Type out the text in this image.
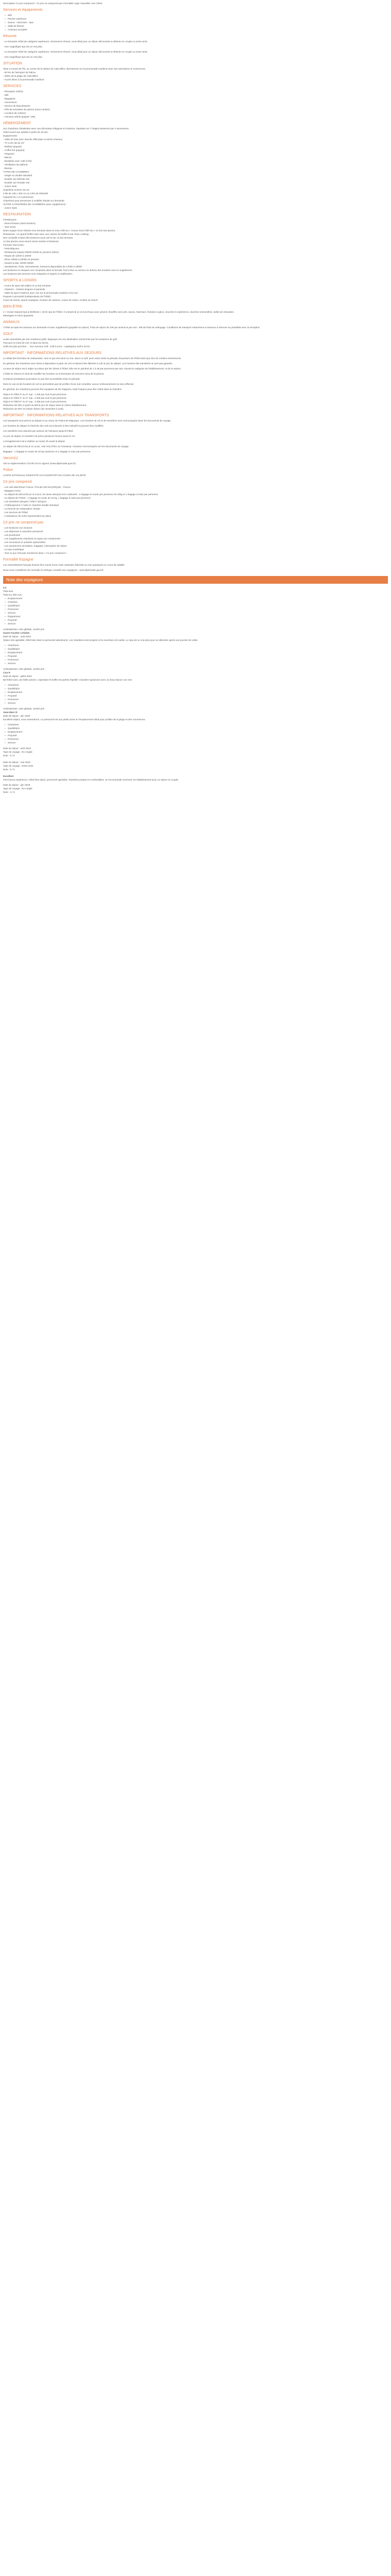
Description Ce prix comprend : Ce prix ne comprend pas Formalité Logis Vaucelles Avis Client

Services et équipements
▪ Wifi
▪ Piscine extérieure
▪ Sauna - Hammam - Spa
▪ Salle de fitness
▪ Animaux acceptés
Résumé

- Le Domaine Hôtel de catégorie supérieure, récemment rénové, vous idéal pour un séjour découverte & détente en couple ou entre amis.

- Son magnifique spa est un vrai plus.

- Le Domaine Hôtel de catégorie supérieure, récemment rénové, vous idéal pour un séjour découverte & détente en couple ou entre amis.

- Son magnifique spa est un vrai plus.

SITUATION
Situé à l'ouest de l'île, au centre de la station de Cala Millor, directement sur la promenade maritime avec ses animations et commerces.
- 60 km de l'aéroport de Palma
- 250m de la plage de Cala Millor
- Accès direct à la promenade maritime
SERVICES
- Réception 24h/24
- Wifi
- Bagagerie
- Ascenseurs
- Service de blanchisserie
- Prêt de serviettes de piscine (sous caution)
- Location de voitures
- Animaux admis (payant: 10€)
HÉBERGEMENT
214 chambres climatisées avec une décoration élégante et moderne, réparties sur 7 étages desservis par 2 ascenseurs.
Hôtel ouvert aux adultes à partir de 18 ans.
Equipements :
- Salle de bain avec douche effet pluie et sèche-cheveux
- TV LCD HD de 43"
- Minibar (payant)
- Coffre-fort (payant)
- Peignoirs
- Balcon
- Bouilloire avec café et thé
- Ventilateur de plafond
- Bureau
TYPES DE CHAMBRES :
- Single ou double standard
- Double vue latérale mer
- Double vue frontale mer
- Junior suite
Superficie environ 25 m2
2 lits de 135 x 200 cm ou 2 lits de 200x200
Capacité de 1 à 2 personnes
Chambres pour personnes à mobilité réduite sur demande
AUTRE CATEGORIES DE CHAMBRES (avec supplément) :
- Junior Suite
RESTAURATION
FORMULES :
- Demi-Pension (sans boisson)
- Tout inclus
Notre équipe d'une histoire d'un terrasse dans la zone chill-out « Ocean Soul Chill Out » et d'un bar piscine.
Restaurant : Un grand buffet varié avec une cuisine de buffet à tout choix cooking.
Des cocktails et Bars dès boissons sous ciel et sur un bar terrasse.
Au bar piscine vous seront servis snacks et boissons.
Formule Tout inclus :
- Petit-déjeuner
- Restaurant (repas) 09h00-22h00 en pension (dîner)
- Repas de 12h00 à 15h00
- Dîner 19h00 à 22h00 en pension
- Snacks & Bar 12h00-23h00
- Sandwiches, fruits, viennoiseries, boissons disponibles de 17h00 à 19h00
Les boissons et marques non comprises dans la formule Tout inclus ou service en dehors des horaires sont en supplément.
Les boissons des services sont indiquées et signés à modification.
SPORTS & LOISIRS
- Cours de sport des tables et un bar terrasse
- Solarium : chaises longues et parasols
- Salle de sport moderne avec vue sur la promenade maritime et la mer.
Payants à proximité (indépendants de l'hôtel) :
Cours de tennis, sports nautiques, location de voitures, Caves de Hams, Grottes du Drach.
BIEN-ÊTRE
L'« Ocean Natural Spa & Wellness » est le spa de l'hôtel. Il comprend un circuit d'eaux avec piscine chauffée avec jets, sauna, hammam, fontaine à glace, douches à expérience, douches sensorielles, salles de relaxation.
Massages et soins (payants)
ANIMAUX
L'hôtel accepte les animaux sur demande et avec supplément (payable sur place). Frais de séjour de 10€ par animal et par nuit - 20€ de frais de nettoyage. Conditions de transport notamment et animaux à réserver au préalable avec la réception.
GOLF
Aussi caractérisé par ses nombreux golfs, Majorque est une destination recherchée par les amateurs de golf.
Parcours en bord de mer et dans les terres.
Golfs les plus proches : - Son Servera Golf : Golf à 5 km - Capdepera Golf à 10 km
IMPORTANT - INFORMATIONS RELATIVES AUX SEJOURS

Le détail des formules de restauration, tout ce qui est inclus ou non, dans un tarif, peut varier selon la période d'ouverture de l'hôtel ainsi que lors de certains événements.

En général, les chambres sont mises à disposition à partir de 14h et doivent être libérées à 12h le jour du départ. Les horaires des transferts ne sont pas garantis.

La taxe de séjour est à régler sur place par les clients à l'hôtel. Elle est en général de 1 à 4€ par personne par nuit, suivant la catégorie de l'établissement, et de la saison.

L'hôtel se réserve le droit de modifier les horaires ou la fermeture de services et/ou de la piscine.

Certaines prestations pourraient ne pas être accessibles selon la période.

Dans le cas où les horaires de vol ne permettent pas de profiter d'une nuit complète, aucun remboursement ne sera effectué.

En général, les chambres peuvent être équipées de lits d'appoint, mais l'espace peut être réduit dans la chambre.

Séjour en hôtel 3* ou 3* sup : 1,10€ par nuit et par personne.
Séjour en hôtel 4* ou 4* sup : 2,20€ par nuit et par personne.
Séjour en hôtel 5* ou 5* sup : 4,40€ par nuit et par personne.
Réduction de 50% à partir du 9ème jour de séjour dans le même établissement.
Réduction de 50% en basse saison (de novembre à avril).
IMPORTANT - INFORMATIONS RELATIVES AUX TRANSPORTS

Les transports sont prévus au départ et au retour de Palma de Majorque. Les horaires de vol et de transferts sont communiqués dans les documents de voyage.

Les horaires de départ et d'arrivée des vols sont donnés à titre indicatif et peuvent être modifiés.

Les transferts sont assurés par autocar de l'aéroport jusqu'à l'hôtel.

Le jour du départ, le transfert est prévu plusieurs heures avant le vol.

L'enregistrement est à réaliser au moins 2h avant le départ.

Au départ de DEAUVILLE et LILLE, vols VOLOTEA ou Transavia. Horaires communiqués sur les documents de voyage.

Bagages : 1 bagage en soute de 20 kg maximum et 1 bagage à main par personne.

Vaccin(s)
Voir la réglementation COVID-19 en vigueur (www.diplomatie.gouv.fr)
Police
CARTE NATIONALE D'IDENTITÉ OU PASSEPORT EN COURS DE VALIDITÉ
Ce prix comprend
- Les vols aller/retour France / PALMA DE MAJORQUE - France
- Bagages inclus
- Au départ de DEAUVILLE et LILLE, les taxes aéroport et le carburant : 1 bagage en soute par personne de 20kg et 1 bagage à main par personne
- Au départ de PARIS : 1 bagage en soute de 23 kg, 1 bagage à main par personne
- Les transferts aéroport / hôtel / aéroport
- L'hébergement 7 nuits en chambre double standard
- La formule de restauration choisie
- Les services de l'hôtel
- L'assistance de notre représentant sur place
Ce prix ne comprend pas
- Les boissons non incluses
- Les dépenses à caractère personnel
- Les pourboires
- Les suppléments chambres et repas non mentionnés
- Les excursions et activités optionnelles
- Les assurances annulation, bagages, interruption de séjour
- La taxe touristique
- Tout ce qui n'est pas mentionné dans « Ce prix comprend »
Formalité Espagne

Les ressortissants français doivent être munis d'une carte nationale d'identité ou d'un passeport en cours de validité.

Nous vous conseillons de consulter la rubrique conseils aux voyageurs : www.diplomatie.gouv.fr

Note des voyageurs
4,2
Total avis
Total sur 360 Avis
▪ Emplacement
▪ Chambre
▪ Qualité/prix
▪ Personnel
▪ Service
▪ Équipement
▪ Propreté
▪ Service
Ambivalentes, note globale, verdict pris
Guest Traveler 4 étoiles
Date de séjour : août 2022

Séjour très agréable, hôtel bien situé et personnel attentionné. Les chambres sont propres et la nourriture est variée. Le spa est un vrai plus pour se détendre après une journée de visite.

▪ Chambres
▪ Qualité/prix
▪ Emplacement
▪ Propreté
▪ Personnel
▪ Service
Ambivalentes, note globale, verdict pris
Lisa P.
Date de séjour : juillet 2022

Bel hôtel avec une belle piscine, cependant le buffet est parfois répétitif. Chambre spacieuse avec un beau balcon vue mer.

▪ Chambres
▪ Qualité/prix
▪ Emplacement
▪ Propreté
▪ Personnel
▪ Service
Ambivalentes, note globale, verdict pris
Jean-Marc R.
Date de séjour : juin 2022

Excellent séjour, nous reviendrons. Le personnel est aux petits soins et l'emplacement idéal pour profiter de la plage et des commerces.

▪ Chambres
▪ Qualité/prix
▪ Emplacement
▪ Propreté
▪ Personnel
▪ Service
Date du séjour : avril 2019
Type de voyage : En couple
Note : 5 / 5
Date du séjour : mai 2019
Type de voyage : Entre amis
Note : 5 / 5
Excellent

Très bonne expérience. Hôtel bien placé, personnel agréable, chambres propres et confortables. Je recommande vivement cet établissement pour un séjour en couple.

Date du séjour : juin 2019
Type de voyage : En couple
Note : 4 / 5
